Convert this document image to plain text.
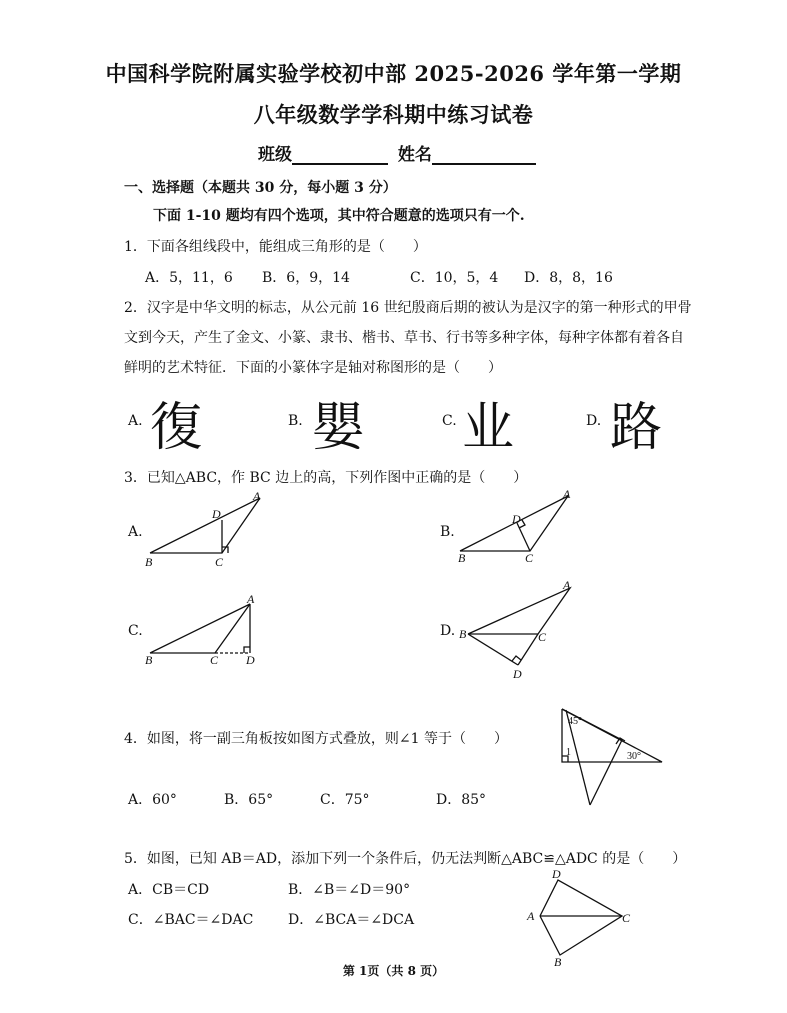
中国科学院附属实验学校初中部 2025-2026 学年第一学期
八年级数学学科期中练习试卷
班级	姓名
一、选择题（本题共 30 分，每小题 3 分）
下面 1-10 题均有四个选项，其中符合题意的选项只有一个.
1．下面各组线段中，能组成三角形的是（　　）
A．5，11，6 B．6，9，14	C．10，5，4 D．8，8，16
2．汉字是中华文明的标志，从公元前 16 世纪殷商后期的被认为是汉字的第一种形式的甲骨
文到今天，产生了金文、小篆、隶书、楷书、草书、行书等多种字体，每种字体都有着各自
鲜明的艺术特征．下面的小篆体字是轴对称图形的是（　　）
A. 復	B. 嬰	C. 业	D. 路
3．已知△ABC，作 BC 边上的高，下列作图中正确的是（　　）
A.	B.
C.	D.
A
D
B	C
A
D
B	C
A
B	C D
A
B	C
D
45°
30°
1
D
A	C
B
4．如图，将一副三角板按如图方式叠放，则∠1 等于（　　）
A．60°	B．65°	C．75°	D．85°
5．如图，已知 AB＝AD，添加下列一个条件后，仍无法判断△ABC≌△ADC 的是（　　）
A．CB＝CD	B．∠B＝∠D＝90°
C．∠BAC＝∠DAC D．∠BCA＝∠DCA
第 1页（共 8 页）
